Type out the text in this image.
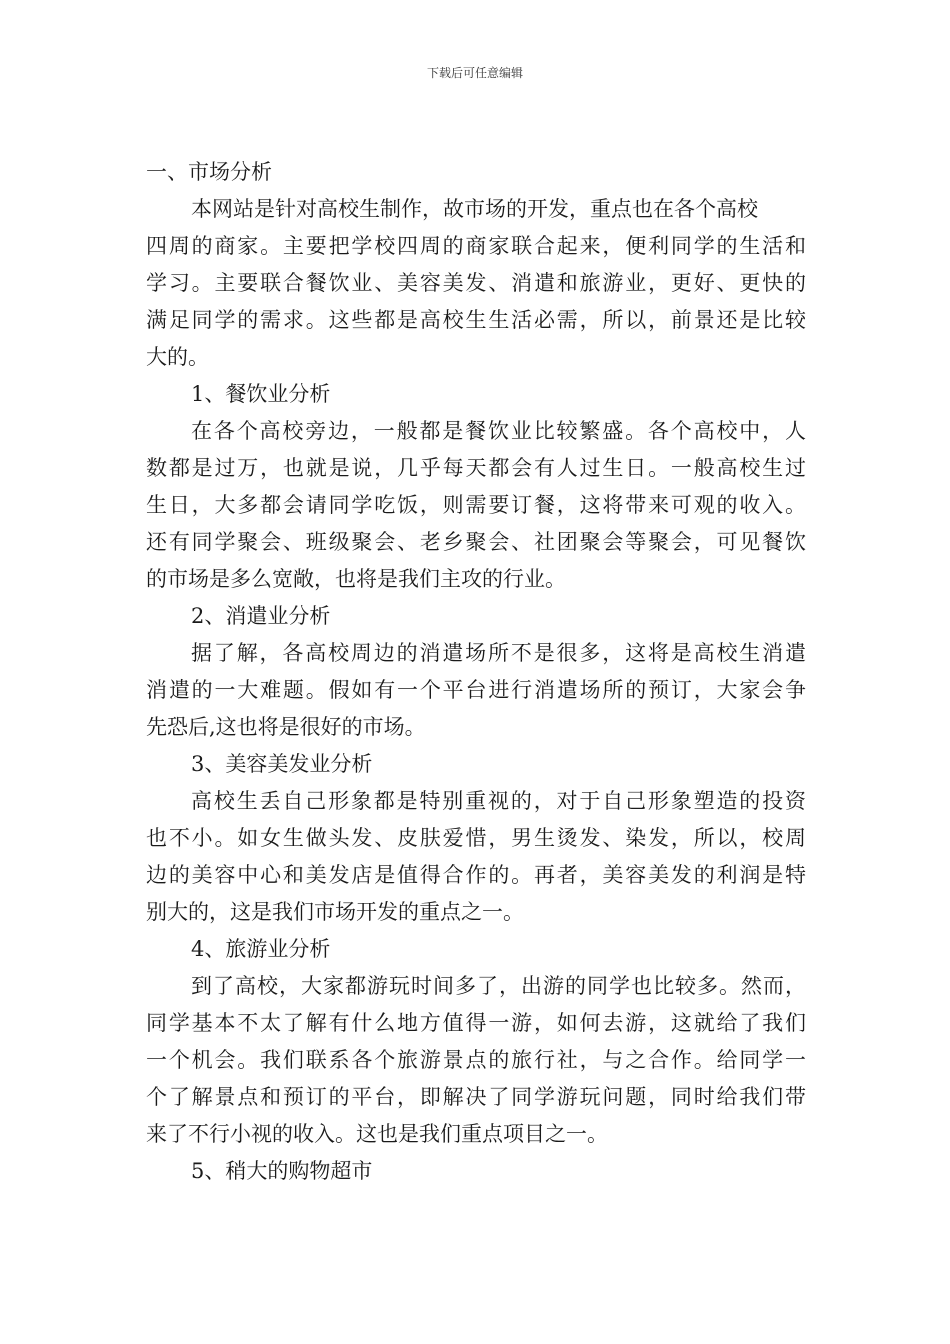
下载后可任意编辑
一、市场分析
本网站是针对高校生制作，故市场的开发，重点也在各个高校
四周的商家。主要把学校四周的商家联合起来，便利同学的生活和
学习。主要联合餐饮业、美容美发、消遣和旅游业，更好、更快的
满足同学的需求。这些都是高校生生活必需，所以，前景还是比较
大的。
1、餐饮业分析
在各个高校旁边，一般都是餐饮业比较繁盛。各个高校中，人
数都是过万，也就是说，几乎每天都会有人过生日。一般高校生过
生日，大多都会请同学吃饭，则需要订餐，这将带来可观的收入。
还有同学聚会、班级聚会、老乡聚会、社团聚会等聚会，可见餐饮
的市场是多么宽敞，也将是我们主攻的行业。
2、消遣业分析
据了解，各高校周边的消遣场所不是很多，这将是高校生消遣
消遣的一大难题。假如有一个平台进行消遣场所的预订，大家会争
先恐后,这也将是很好的市场。
3、美容美发业分析
高校生丢自己形象都是特别重视的，对于自己形象塑造的投资
也不小。如女生做头发、皮肤爱惜，男生烫发、染发，所以，校周
边的美容中心和美发店是值得合作的。再者，美容美发的利润是特
别大的，这是我们市场开发的重点之一。
4、旅游业分析
到了高校，大家都游玩时间多了，出游的同学也比较多。然而，
同学基本不太了解有什么地方值得一游，如何去游，这就给了我们
一个机会。我们联系各个旅游景点的旅行社，与之合作。给同学一
个了解景点和预订的平台，即解决了同学游玩问题，同时给我们带
来了不行小视的收入。这也是我们重点项目之一。
5、稍大的购物超市
